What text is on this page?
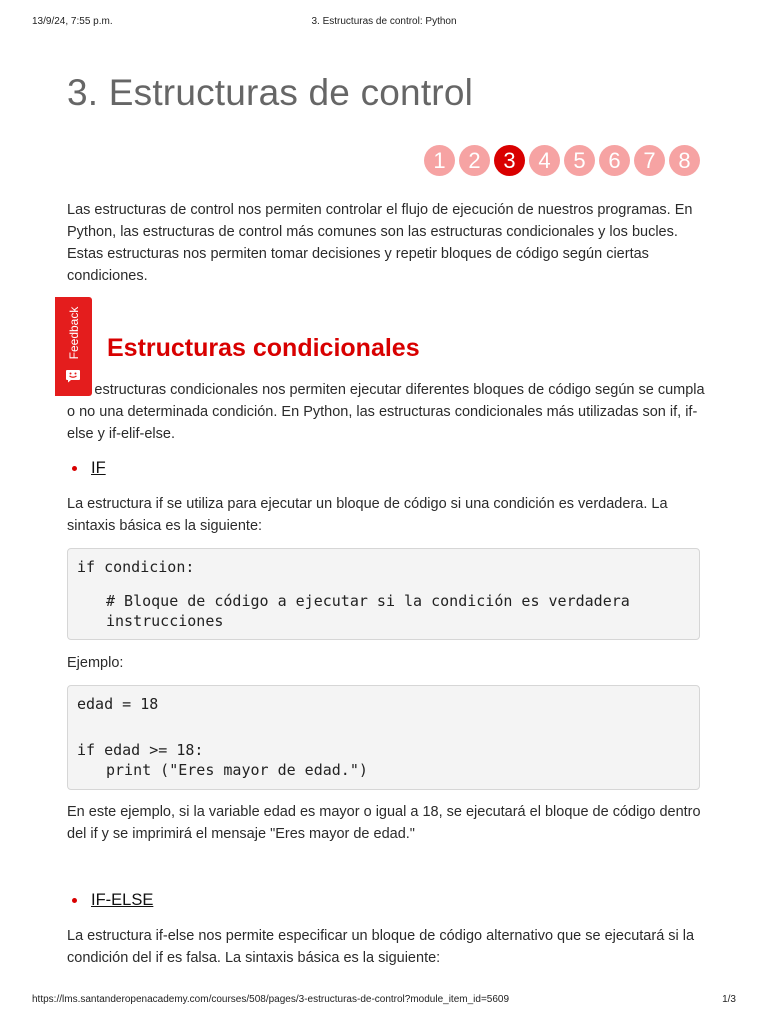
13/9/24, 7:55 p.m.	3. Estructuras de control: Python
3. Estructuras de control
1	2	3	4	5	6	7	8

Las estructuras de control nos permiten controlar el flujo de ejecución de nuestros programas. En Python, las estructuras de control más comunes son las estructuras condicionales y los bucles. Estas estructuras nos permiten tomar decisiones y repetir bloques de código según ciertas condiciones.

Estructuras condicionales

estructuras condicionales nos permiten ejecutar diferentes bloques de código según se cumpla o no una determinada condición. En Python, las estructuras condicionales más utilizadas son if, if-else y if-elif-else.

IF

La estructura if se utiliza para ejecutar un bloque de código si una condición es verdadera. La sintaxis básica es la siguiente:

if condicion:
# Bloque de código a ejecutar si la condición es verdadera
instrucciones

Ejemplo:

edad = 18
if edad >= 18:
print ("Eres mayor de edad.")

En este ejemplo, si la variable edad es mayor o igual a 18, se ejecutará el bloque de código dentro del if y se imprimirá el mensaje "Eres mayor de edad."

IF-ELSE

La estructura if-else nos permite especificar un bloque de código alternativo que se ejecutará si la condición del if es falsa. La sintaxis básica es la siguiente:

Feedback
https://lms.santanderopenacademy.com/courses/508/pages/3-estructuras-de-control?module_item_id=5609	1/3
